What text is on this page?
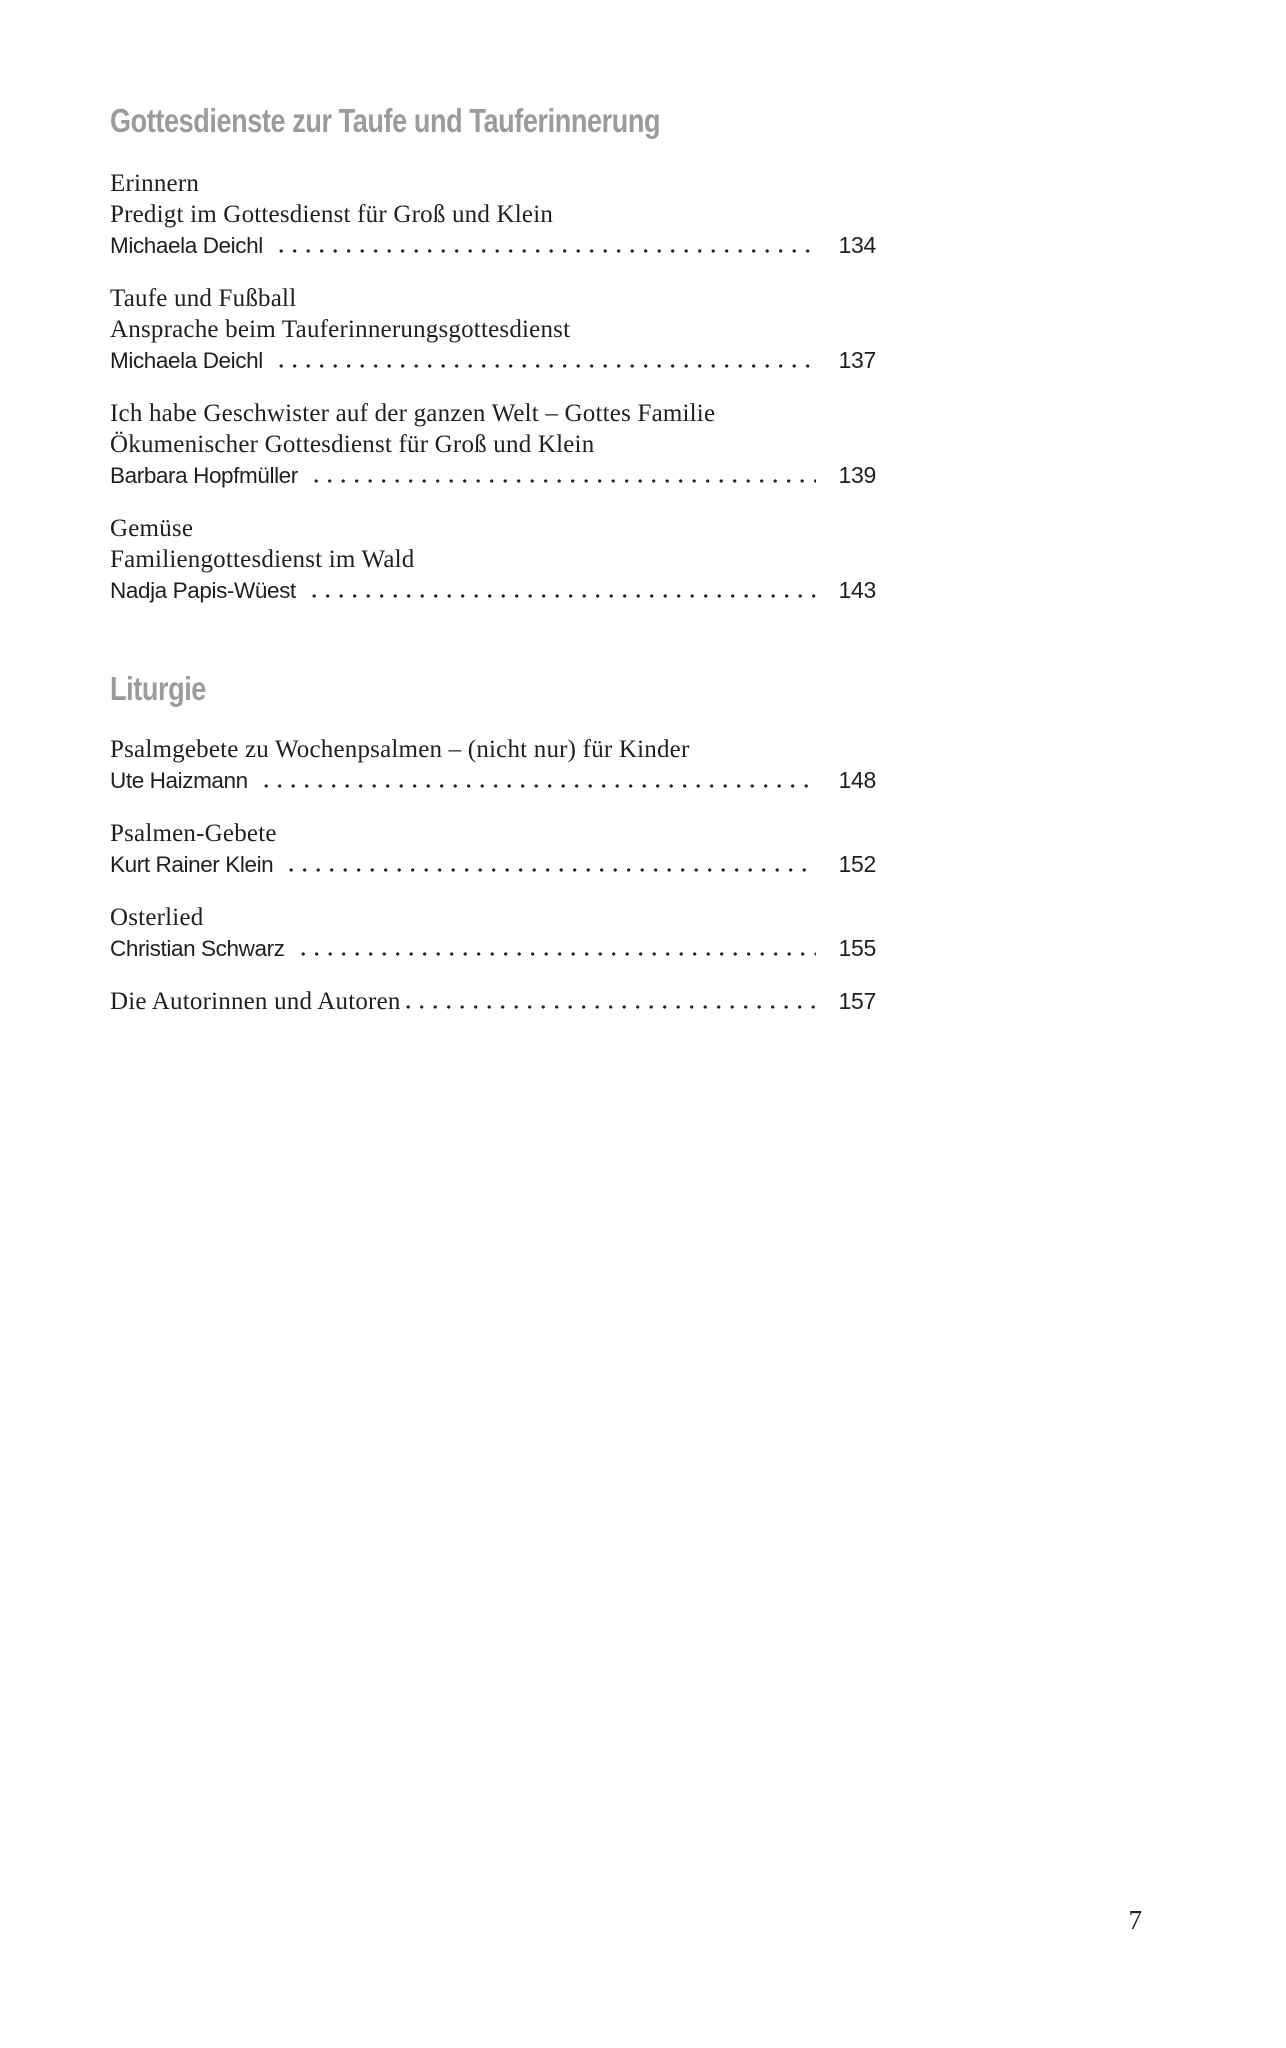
Gottesdienste zur Taufe und Tauferinnerung
Erinnern
Predigt im Gottesdienst für Groß und Klein
Michaela Deichl	134
Taufe und Fußball
Ansprache beim Tauferinnerungsgottesdienst
Michaela Deichl	137
Ich habe Geschwister auf der ganzen Welt – Gottes Familie
Ökumenischer Gottesdienst für Groß und Klein
Barbara Hopfmüller	139
Gemüse
Familiengottesdienst im Wald
Nadja Papis-Wüest	143
Liturgie
Psalmgebete zu Wochenpsalmen – (nicht nur) für Kinder
Ute Haizmann	148
Psalmen-Gebete
Kurt Rainer Klein	152
Osterlied
Christian Schwarz	155
Die Autorinnen und Autoren	157
7
